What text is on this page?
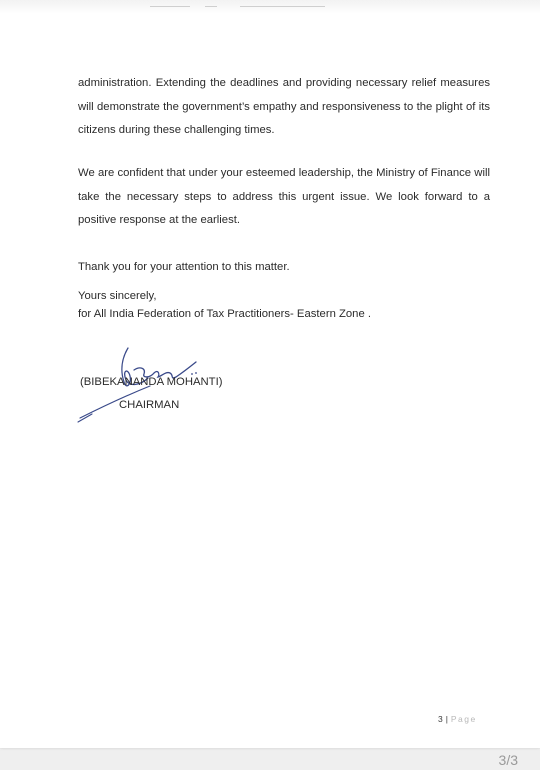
administration. Extending the deadlines and providing necessary relief measures will demonstrate the government’s empathy and responsiveness to the plight of its citizens during these challenging times.
We are confident that under your esteemed leadership, the Ministry of Finance will take the necessary steps to address this urgent issue. We look forward to a positive response at the earliest.
Thank you for your attention to this matter.
Yours sincerely,
for All India Federation of Tax Practitioners- Eastern Zone .
(BIBEKANANDA MOHANTI)
CHAIRMAN
3 | Page
3/3
